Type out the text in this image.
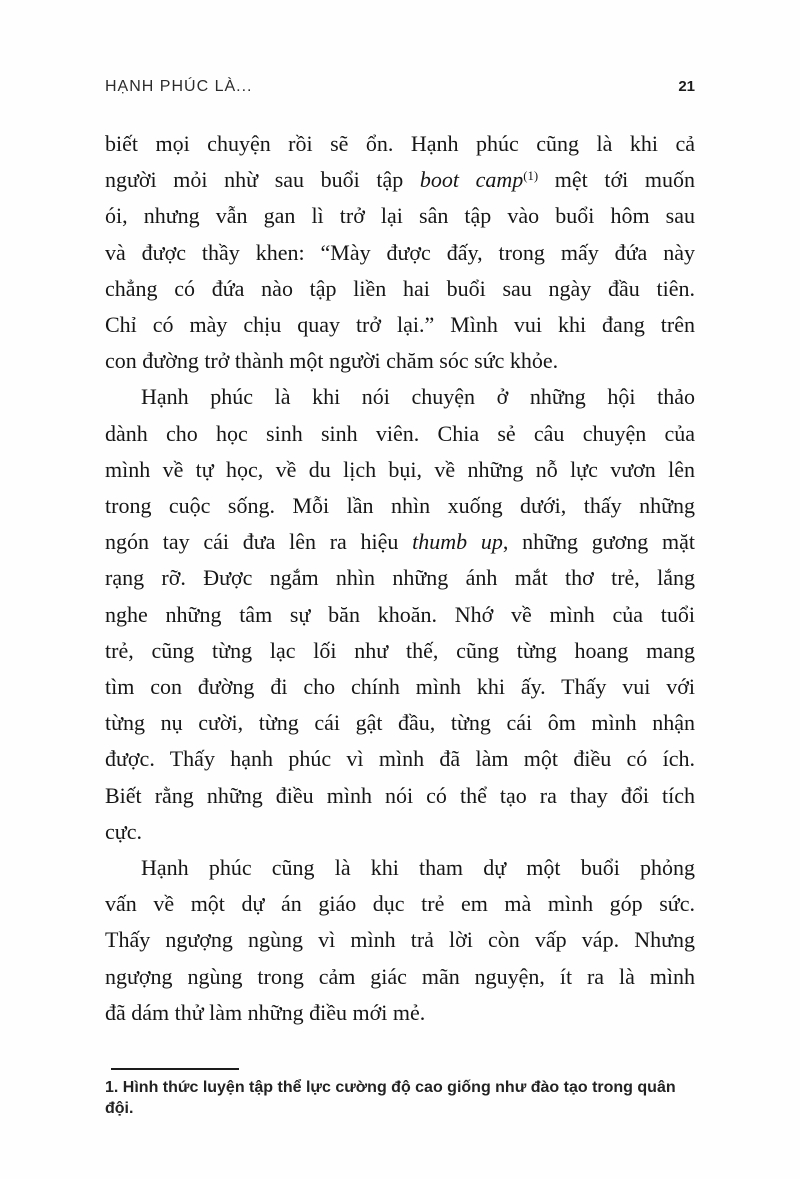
HẠNH PHÚC LÀ...	21
biết mọi chuyện rồi sẽ ổn. Hạnh phúc cũng là khi cả
người mỏi nhừ sau buổi tập boot camp$^{(1)}$ mệt tới muốn
ói, nhưng vẫn gan lì trở lại sân tập vào buổi hôm sau
và được thầy khen: “Mày được đấy, trong mấy đứa này
chẳng có đứa nào tập liền hai buổi sau ngày đầu tiên.
Chỉ có mày chịu quay trở lại.” Mình vui khi đang trên
con đường trở thành một người chăm sóc sức khỏe.
Hạnh phúc là khi nói chuyện ở những hội thảo
dành cho học sinh sinh viên. Chia sẻ câu chuyện của
mình về tự học, về du lịch bụi, về những nỗ lực vươn lên
trong cuộc sống. Mỗi lần nhìn xuống dưới, thấy những
ngón tay cái đưa lên ra hiệu thumb up, những gương mặt
rạng rỡ. Được ngắm nhìn những ánh mắt thơ trẻ, lắng
nghe những tâm sự băn khoăn. Nhớ về mình của tuổi
trẻ, cũng từng lạc lối như thế, cũng từng hoang mang
tìm con đường đi cho chính mình khi ấy. Thấy vui với
từng nụ cười, từng cái gật đầu, từng cái ôm mình nhận
được. Thấy hạnh phúc vì mình đã làm một điều có ích.
Biết rằng những điều mình nói có thể tạo ra thay đổi tích
cực.
Hạnh phúc cũng là khi tham dự một buổi phỏng
vấn về một dự án giáo dục trẻ em mà mình góp sức.
Thấy ngượng ngùng vì mình trả lời còn vấp váp. Nhưng
ngượng ngùng trong cảm giác mãn nguyện, ít ra là mình
đã dám thử làm những điều mới mẻ.
1. Hình thức luyện tập thể lực cường độ cao giống như đào tạo trong quân đội.
